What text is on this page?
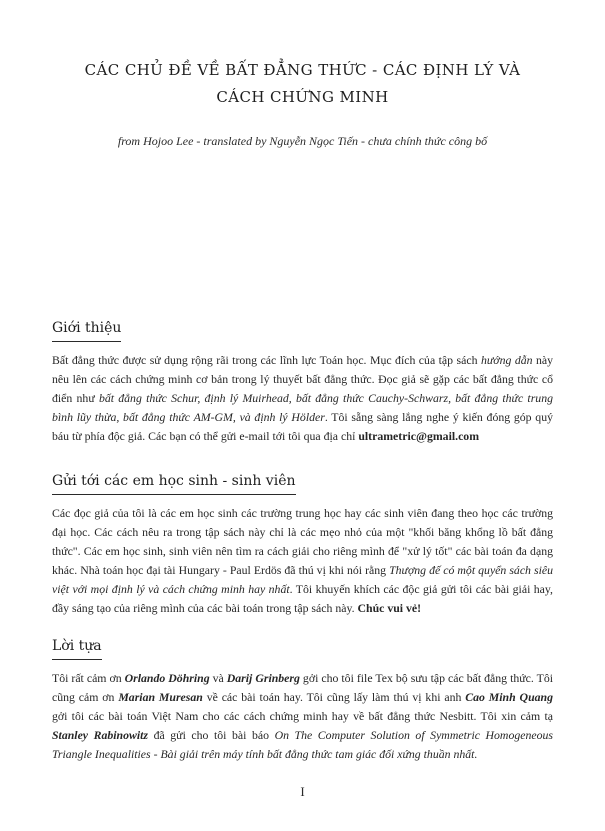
CÁC CHỦ ĐỀ VỀ BẤT ĐẲNG THỨC - CÁC ĐỊNH LÝ VÀ
CÁCH CHỨNG MINH
from Hojoo Lee - translated by Nguyễn Ngọc Tiến - chưa chính thức công bố
Giới thiệu

Bất đẳng thức được sử dụng rộng rãi trong các lĩnh lực Toán học. Mục đích của tập sách hướng dẫn này nêu lên các cách chứng minh cơ bản trong lý thuyết bất đẳng thức. Đọc giả sẽ gặp các bất đẳng thức cổ điển như bất đẳng thức Schur, định lý Muirhead, bất đẳng thức Cauchy-Schwarz, bất đẳng thức trung bình lũy thừa, bất đẳng thức AM-GM, và định lý Hölder. Tôi sẵng sàng lắng nghe ý kiến đóng góp quý báu từ phía độc giả. Các bạn có thể gửi e-mail tới tôi qua địa chỉ ultrametric@gmail.com

Gửi tới các em học sinh - sinh viên

Các đọc giả của tôi là các em học sinh các trường trung học hay các sinh viên đang theo học các trường đại học. Các cách nêu ra trong tập sách này chỉ là các mẹo nhỏ của một "khối băng khổng lồ bất đẳng thức". Các em học sinh, sinh viên nên tìm ra cách giải cho riêng mình để "xử lý tốt" các bài toán đa dạng khác. Nhà toán học đại tài Hungary - Paul Erdös đã thú vị khi nói rằng Thượng đế có một quyển sách siêu việt với mọi định lý và cách chứng minh hay nhất. Tôi khuyến khích các độc giả gửi tôi các bài giải hay, đầy sáng tạo của riêng mình của các bài toán trong tập sách này. Chúc vui vẻ!

Lời tựa

Tôi rất cảm ơn Orlando Döhring và Darij Grinberg gởi cho tôi file Tex bộ sưu tập các bất đẳng thức. Tôi cũng cảm ơn Marian Muresan về các bài toán hay. Tôi cũng lấy làm thú vị khi anh Cao Minh Quang gởi tôi các bài toán Việt Nam cho các cách chứng minh hay về bất đẳng thức Nesbitt. Tôi xin cảm tạ Stanley Rabinowitz đã gửi cho tôi bài báo On The Computer Solution of Symmetric Homogeneous Triangle Inequalities - Bài giải trên máy tính bất đẳng thức tam giác đối xứng thuần nhất.

I
